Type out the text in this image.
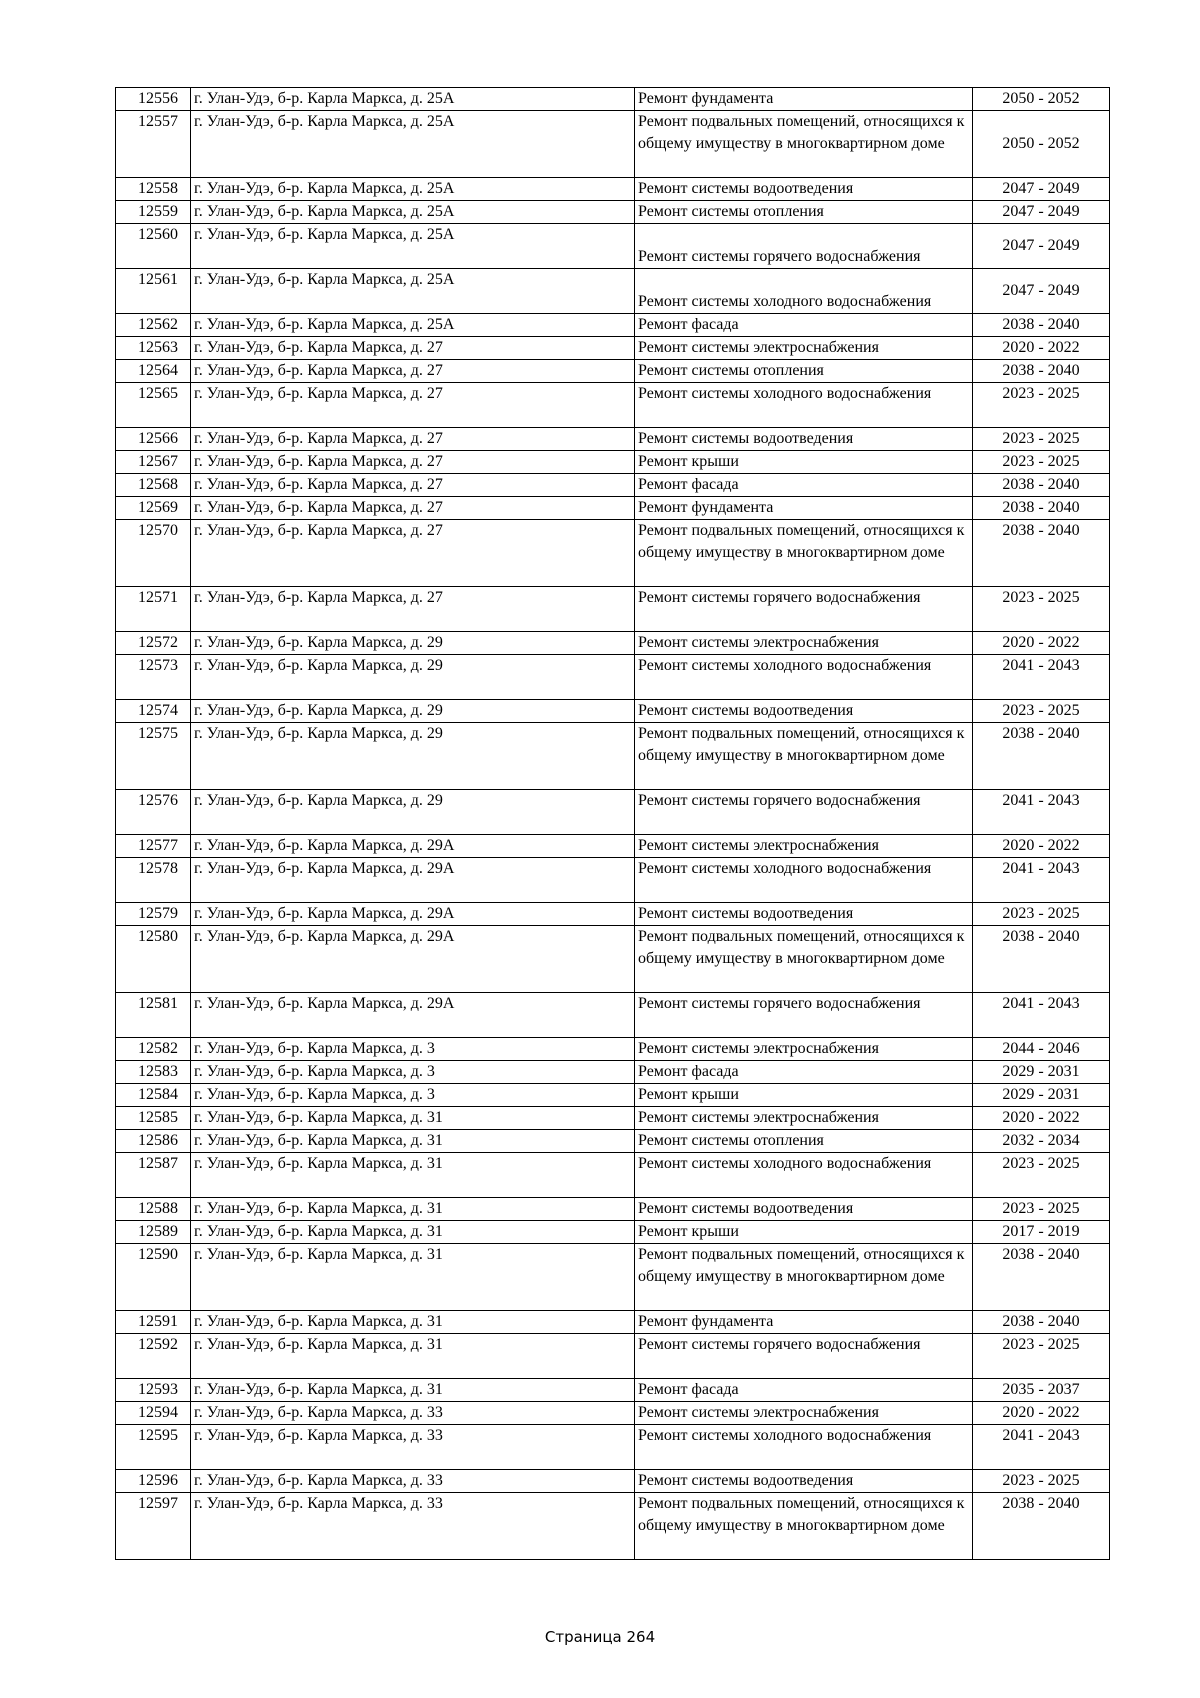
12556	г. Улан-Удэ, б-р. Карла Маркса, д. 25А	Ремонт фундамента	2050 - 2052
12557	г. Улан-Удэ, б-р. Карла Маркса, д. 25А	Ремонт подвальных помещений, относящихся к общему имуществу в многоквартирном доме	2050 - 2052
12558	г. Улан-Удэ, б-р. Карла Маркса, д. 25А	Ремонт системы водоотведения	2047 - 2049
12559	г. Улан-Удэ, б-р. Карла Маркса, д. 25А	Ремонт системы отопления	2047 - 2049
12560	г. Улан-Удэ, б-р. Карла Маркса, д. 25А	Ремонт системы горячего водоснабжения	2047 - 2049
12561	г. Улан-Удэ, б-р. Карла Маркса, д. 25А	Ремонт системы холодного водоснабжения	2047 - 2049
12562	г. Улан-Удэ, б-р. Карла Маркса, д. 25А	Ремонт фасада	2038 - 2040
12563	г. Улан-Удэ, б-р. Карла Маркса, д. 27	Ремонт системы электроснабжения	2020 - 2022
12564	г. Улан-Удэ, б-р. Карла Маркса, д. 27	Ремонт системы отопления	2038 - 2040
12565	г. Улан-Удэ, б-р. Карла Маркса, д. 27	Ремонт системы холодного водоснабжения	2023 - 2025
12566	г. Улан-Удэ, б-р. Карла Маркса, д. 27	Ремонт системы водоотведения	2023 - 2025
12567	г. Улан-Удэ, б-р. Карла Маркса, д. 27	Ремонт крыши	2023 - 2025
12568	г. Улан-Удэ, б-р. Карла Маркса, д. 27	Ремонт фасада	2038 - 2040
12569	г. Улан-Удэ, б-р. Карла Маркса, д. 27	Ремонт фундамента	2038 - 2040
12570	г. Улан-Удэ, б-р. Карла Маркса, д. 27	Ремонт подвальных помещений, относящихся к общему имуществу в многоквартирном доме	2038 - 2040
12571	г. Улан-Удэ, б-р. Карла Маркса, д. 27	Ремонт системы горячего водоснабжения	2023 - 2025
12572	г. Улан-Удэ, б-р. Карла Маркса, д. 29	Ремонт системы электроснабжения	2020 - 2022
12573	г. Улан-Удэ, б-р. Карла Маркса, д. 29	Ремонт системы холодного водоснабжения	2041 - 2043
12574	г. Улан-Удэ, б-р. Карла Маркса, д. 29	Ремонт системы водоотведения	2023 - 2025
12575	г. Улан-Удэ, б-р. Карла Маркса, д. 29	Ремонт подвальных помещений, относящихся к общему имуществу в многоквартирном доме	2038 - 2040
12576	г. Улан-Удэ, б-р. Карла Маркса, д. 29	Ремонт системы горячего водоснабжения	2041 - 2043
12577	г. Улан-Удэ, б-р. Карла Маркса, д. 29А	Ремонт системы электроснабжения	2020 - 2022
12578	г. Улан-Удэ, б-р. Карла Маркса, д. 29А	Ремонт системы холодного водоснабжения	2041 - 2043
12579	г. Улан-Удэ, б-р. Карла Маркса, д. 29А	Ремонт системы водоотведения	2023 - 2025
12580	г. Улан-Удэ, б-р. Карла Маркса, д. 29А	Ремонт подвальных помещений, относящихся к общему имуществу в многоквартирном доме	2038 - 2040
12581	г. Улан-Удэ, б-р. Карла Маркса, д. 29А	Ремонт системы горячего водоснабжения	2041 - 2043
12582	г. Улан-Удэ, б-р. Карла Маркса, д. 3	Ремонт системы электроснабжения	2044 - 2046
12583	г. Улан-Удэ, б-р. Карла Маркса, д. 3	Ремонт фасада	2029 - 2031
12584	г. Улан-Удэ, б-р. Карла Маркса, д. 3	Ремонт крыши	2029 - 2031
12585	г. Улан-Удэ, б-р. Карла Маркса, д. 31	Ремонт системы электроснабжения	2020 - 2022
12586	г. Улан-Удэ, б-р. Карла Маркса, д. 31	Ремонт системы отопления	2032 - 2034
12587	г. Улан-Удэ, б-р. Карла Маркса, д. 31	Ремонт системы холодного водоснабжения	2023 - 2025
12588	г. Улан-Удэ, б-р. Карла Маркса, д. 31	Ремонт системы водоотведения	2023 - 2025
12589	г. Улан-Удэ, б-р. Карла Маркса, д. 31	Ремонт крыши	2017 - 2019
12590	г. Улан-Удэ, б-р. Карла Маркса, д. 31	Ремонт подвальных помещений, относящихся к общему имуществу в многоквартирном доме	2038 - 2040
12591	г. Улан-Удэ, б-р. Карла Маркса, д. 31	Ремонт фундамента	2038 - 2040
12592	г. Улан-Удэ, б-р. Карла Маркса, д. 31	Ремонт системы горячего водоснабжения	2023 - 2025
12593	г. Улан-Удэ, б-р. Карла Маркса, д. 31	Ремонт фасада	2035 - 2037
12594	г. Улан-Удэ, б-р. Карла Маркса, д. 33	Ремонт системы электроснабжения	2020 - 2022
12595	г. Улан-Удэ, б-р. Карла Маркса, д. 33	Ремонт системы холодного водоснабжения	2041 - 2043
12596	г. Улан-Удэ, б-р. Карла Маркса, д. 33	Ремонт системы водоотведения	2023 - 2025
12597	г. Улан-Удэ, б-р. Карла Маркса, д. 33	Ремонт подвальных помещений, относящихся к общему имуществу в многоквартирном доме	2038 - 2040
Страница 264
